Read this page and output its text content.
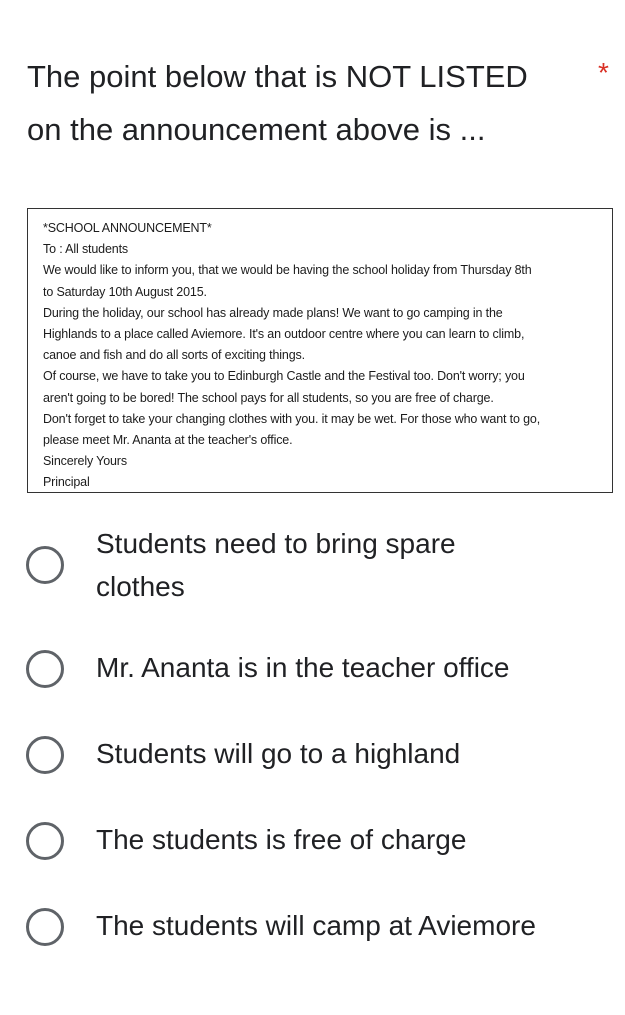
The point below that is NOT LISTED
on the announcement above is ...
*
*SCHOOL ANNOUNCEMENT*
To : All students
We would like to inform you, that we would be having the school holiday from Thursday 8th
to Saturday 10th August 2015.
During the holiday, our school has already made plans! We want to go camping in the
Highlands to a place called Aviemore. It's an outdoor centre where you can learn to climb,
canoe and fish and do all sorts of exciting things.
Of course, we have to take you to Edinburgh Castle and the Festival too. Don't worry; you
aren't going to be bored! The school pays for all students, so you are free of charge.
Don't forget to take your changing clothes with you. it may be wet. For those who want to go,
please meet Mr. Ananta at the teacher's office.
Sincerely Yours
Principal
Students need to bring spare
clothes
Mr. Ananta is in the teacher office
Students will go to a highland
The students is free of charge
The students will camp at Aviemore
